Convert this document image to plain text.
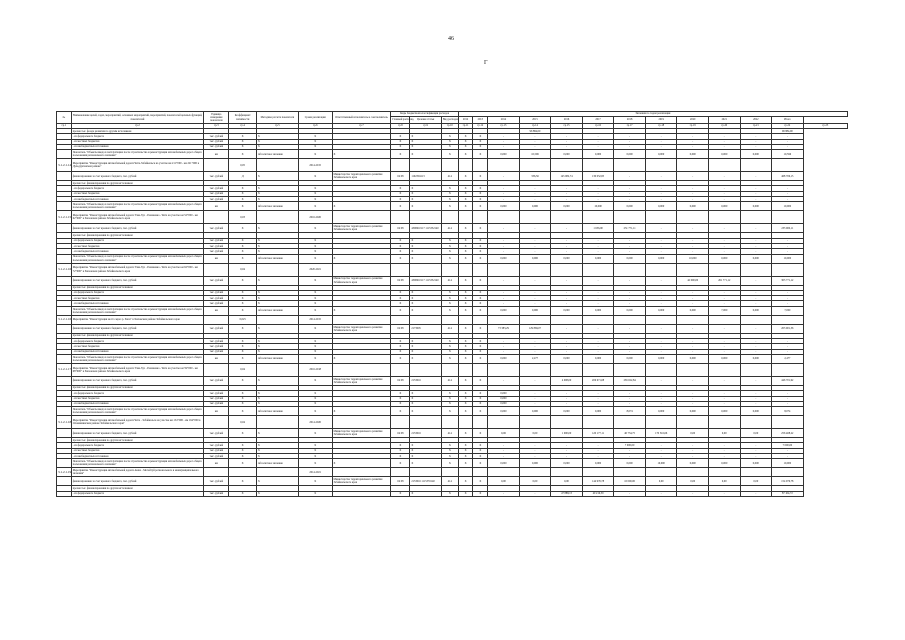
46
Г
№	Наименование целей, задач, мероприятий, основных мероприятий, мероприятий, показателей целевых функций, показателей	Единица измерения показателя	Коэффициент значимости	Методика расчета показателя	Сроки реализации	Ответственный исполнитель и соисполнитель	Коды бюджетной классификации расходов			Значения по годам реализации												
							Главный распоряд.	Целевая статья	Вид расходов	2012	2013	2014	2015	2016	2017	2018	2019	2020	2021	2022	Итого	
гр.1	гр.2	гр.3	гр.4	гр.5	гр.6	гр.7	гр.8	гр.9	гр.10	гр.11	гр.12	гр.13	гр.14	гр.15	гр.16	гр.17	гр.18	гр.19	гр.20	гр.21	гр.22	гр.23
	прочие тыс. фонда развития по другим источникам												96 884,00								96 884,00	
	- из федерального бюджета	тыс. рублей	Х	Х	Х		Х	Х	Х	Х	Х	-	-	-	-	-	-	-	-	-	-	
	- из местных бюджетов	тыс. рублей	Х	Х	Х		Х	Х	Х	Х	Х	-	-	-	-	-	-	-	-	-	-	
	- из внебюджетных источников	тыс. рублей	Х	Х	Х		Х	Х	Х	Х	Х	-	-	-	-	-	-	-	-	-	-	
	Показатель "Объекты ввода в эксплуатацию после строительства и реконструкции автомобильных дорог общего пользования регионального значения"	км	Х	Абсолютное значение	Х	Х	Х	Х	Х	Х	Х	0,000	10,596	0,000	0,000	0,000	0,000	0,000	0,000	0,000	10,596	
3.1.2.1.14	Мероприятие "Реконструкция автомобильной дороги Чита-Забайкальск на участке км 211+000 - км 221+000 в Дульдургинском районе"		0,05		2014-2015																	
	финансирование за счет краевого бюджета, тыс. рублей	тыс. рублей	Д	Х	Х	Министерство территориального развития Забайкальского края	04 08	1102304113	414	Х	Х	-	336,56	145 982,74	130 052,85	-	-	-	-	-	468 706,15	
	прочие тыс. финансирования по другим источникам																					
	- из федерального бюджета	тыс. рублей	Х	Х	Х		Х	Х	Х	Х	Х	-	-	-	-	-	-	-	-	-	-	
	- из местных бюджетов	тыс. рублей	Х	Х	Х		Х	Х	Х	Х	Х	-	-	-	-	-	-	-	-	-	-	
	- из внебюджетных источников	тыс. рублей	Х	Х	Х		Х	Х	Х	Х	Х	-	-	-	-	-	-	-	-	-	-	
	Показатель "Объекты ввода в эксплуатацию после строительства и реконструкции автомобильных дорог общего пользования регионального значения"	км	Х	Абсолютное значение	Х	Х	Х	Х	Х	Х	Х	0,000	0,000	0,000	10,000	0,000	0,000	0,000	0,000	0,000	10,000	
3.1.2.1.15	Мероприятие "Реконструкция автомобильной дороги Улан-Удэ - Романовка - Чита на участке км 52+000 - км 62+000" в Хилокском районе Забайкальского края		0,03		2016-2020																	
	финансирование за счет краевого бюджета, тыс. рублей	тыс. рублей	Х	Х	Х	Министерство территориального развития Забайкальского края	04 08	4306910117 1115332140	414	Х	Х	-	-	-	1 636,00	231 771,11	-	-	-	-	233 000,11	
	прочие тыс. финансирования по другим источникам																					
	- из федерального бюджета	тыс. рублей	Х	Х	Х		Х	Х	Х	Х	Х	-	-	-	-	-	-	-	-	-	-	
	- из местных бюджетов	тыс. рублей	Х	Х	Х		Х	Х	Х	Х	Х	-	-	-	-	-	-	-	-	-	-	
	- из внебюджетных источников	тыс. рублей	Х	Х	Х		Х	Х	Х	Х	Х	-	-	-	-	-	-	-	-	-	-	
	Показатель "Объекты ввода в эксплуатацию после строительства и реконструкции автомобильных дорог общего пользования регионального значения"	км	Х	Абсолютное значение	Х	Х	Х	Х	Х	Х	Х	0,000	0,000	0,000	0,000	0,000	0,000	10,000	0,000	0,000	10,000	
3.1.2.1.16	Мероприятие "Реконструкция автомобильной дороги Улан-Удэ - Романовка - Чита на участке км 62+000 - км 72+000" в Хилокском районе Забайкальского края		0,04		2020-2021																	
	финансирование за счет краевого бюджета, тыс. рублей	тыс. рублей	Х	Х	Х	Министерство территориального развития Забайкальского края	04 08	4306910117 1115332140	414	Х	Х	-	-	-	-	-	-	42 000,00	261 771,12	-	303 771,12	
	прочие тыс. финансирования по другим источникам																					
	- из федерального бюджета	тыс. рублей	Х	Х	Х		Х	Х	Х	Х	Х	-	-	-	-	-	-	-	-	-	-	
	- из местных бюджетов	тыс. рублей	Х	Х	Х		Х	Х	Х	Х	Х	-	-	-	-	-	-	-	-	-	-	
	- из внебюджетных источников	тыс. рублей	Х	Х	Х		Х	Х	Х	Х	Х	-	-	-	-	-	-	-	-	-	-	
	Показатель "Объекты ввода в эксплуатацию после строительства и реконструкции автомобильных дорог общего пользования регионального значения"	км	Х	Абсолютное значение	Х	Х	Х	Х	Х	Х	Х	0,000	0,000	0,000	0,000	0,000	0,000	0,000	7,000	0,000	7,000	
3.1.2.1.16	Мероприятие "Реконструкция моста через р. Хила" в Хилокском районе Забайкальского края		0,025		2014-2015																	
	финансирование за счет краевого бюджета, тыс. рублей	тыс. рублей	Х	Х	Х	Министерство территориального развития Забайкальского края	04 08	2173005	414	Х	Х	73 383,29	129 869,07	-	-	-	-	-	-	-	203 901,36	
	прочие тыс. финансирования по другим источникам																					
	- из федерального бюджета	тыс. рублей	Х	Х	Х		Х	Х	Х	Х	Х	-	-	-	-	-	-	-	-	-	-	
	- из местных бюджетов	тыс. рублей	Х	Х	Х		Х	Х	Х	Х	Х	-	-	-	-	-	-	-	-	-	-	
	- из внебюджетных источников	тыс. рублей	Х	Х	Х		Х	Х	Х	Х	Х	-	-	-	-	-	-	-	-	-	-	
	Показатель "Объекты ввода в эксплуатацию после строительства и реконструкции автомобильных дорог общего пользования регионального значения"	км	Х	Абсолютное значение	Х	Х	Х	Х	Х	Х	Х	0,000	2,477	0,000	0,000	0,000	0,000	0,000	0,000	0,000	2,477	
3.1.2.1.17	Мероприятие "Реконструкция автомобильной дороги Улан-Удэ - Романовка - Чита на участке км 59+000 - км 68+000" в Хилокском районе Забайкальского края		0,04		2016-2018																	
	финансирование за счет краевого бюджета, тыс. рублей	тыс. рублей	Х	Х	Х	Министерство территориального развития Забайкальского края	04 08	2153016	414	Х	Х	-	-	4 008,00	206 671,08	236 022,84	-	-	-	-	446 701,92	
	прочие тыс. финансирования по другим источникам																					
	- из федерального бюджета	тыс. рублей	Х	Х	Х		Х	Х	Х	Х	Х	0,000	-	-	-	-	-	-	-	-	-	
	- из местных бюджетов	тыс. рублей	Х	Х	Х		Х	Х	Х	Х	Х	0,000	-	-	-	-	-	-	-	-	-	
	- из внебюджетных источников	тыс. рублей	Х	Х	Х		Х	Х	Х	Х	Х	0,000	-	-	-	-	-	-	-	-	-	
	Показатель "Объекты ввода в эксплуатацию после строительства и реконструкции автомобильных дорог общего пользования регионального значения"	км	Х	Абсолютное значение	Х	Х	Х	Х	Х	Х	Х	0,000	0,000	0,000	0,000	8,074	0,000	0,000	0,000	0,000	8,074	
3.1.2.1.18	Мероприятие "Реконструкция автомобильной дороги Чита - Забайкальск на участке км 154+000 - км 164+000 в Оловяннинском районе Забайкальского края"		0,04		2014-2020																	
	финансирование за счет краевого бюджета, тыс. рублей	тыс. рублей	Х	Х	Х	Министерство территориального развития Забайкальского края	04 08	2153016	414	Х	Х	0,06	0,00	1 000,00	120 177,11	40 734,75	170 316,66	0,00	0,00	0,00	256 408,22	
	прочие тыс. финансирования по другим источникам																					
	- из федерального бюджета	тыс. рублей	Х	Х	Х		Х	Х	Х	Х	Х	-	-	-	-	7 000,00	-	-	-	-	7 000,00	
	- из местных бюджетов	тыс. рублей	Х	Х	Х		Х	Х	Х	Х	Х	-	-	-	-	-	-	-	-	-	-	
	- из внебюджетных источников	тыс. рублей	Х	Х	Х		Х	Х	Х	Х	Х	-	-	-	-	-	-	-	-	-	-	
	Показатель "Объекты ввода в эксплуатацию после строительства и реконструкции автомобильных дорог общего пользования регионального значения"	км	Х	Абсолютное значение	Х	Х	Х	Х	Х	Х	Х	0,000	0,000	0,000	0,000	0,000	10,000	0,000	0,000	0,000	10,000	
3.1.2.1.19	Мероприятие "Реконструкция автомобильной дороги Акша - Могойтуй регионального и межмуниципального значения"				2014-2021																	
	финансирование за счет краевого бюджета, тыс. рублей	тыс. рублей	Х	Х	Х	Министерство территориального развития Забайкальского края	04 08	2153016 1115333140	414	Х	Х	0,00	0,00	0,00	144 976,78	10 000,00	0,00	0,00	0,00	0,00	154 976,78	
	прочие тыс. финансирования по другим источникам																					
	- из федерального бюджета	тыс. рублей	Х	Х	Х		Х	Х	Х	Х	Х	-	-	47 888,13	40 216,39	-	-	-	-	-	87 104,72	
